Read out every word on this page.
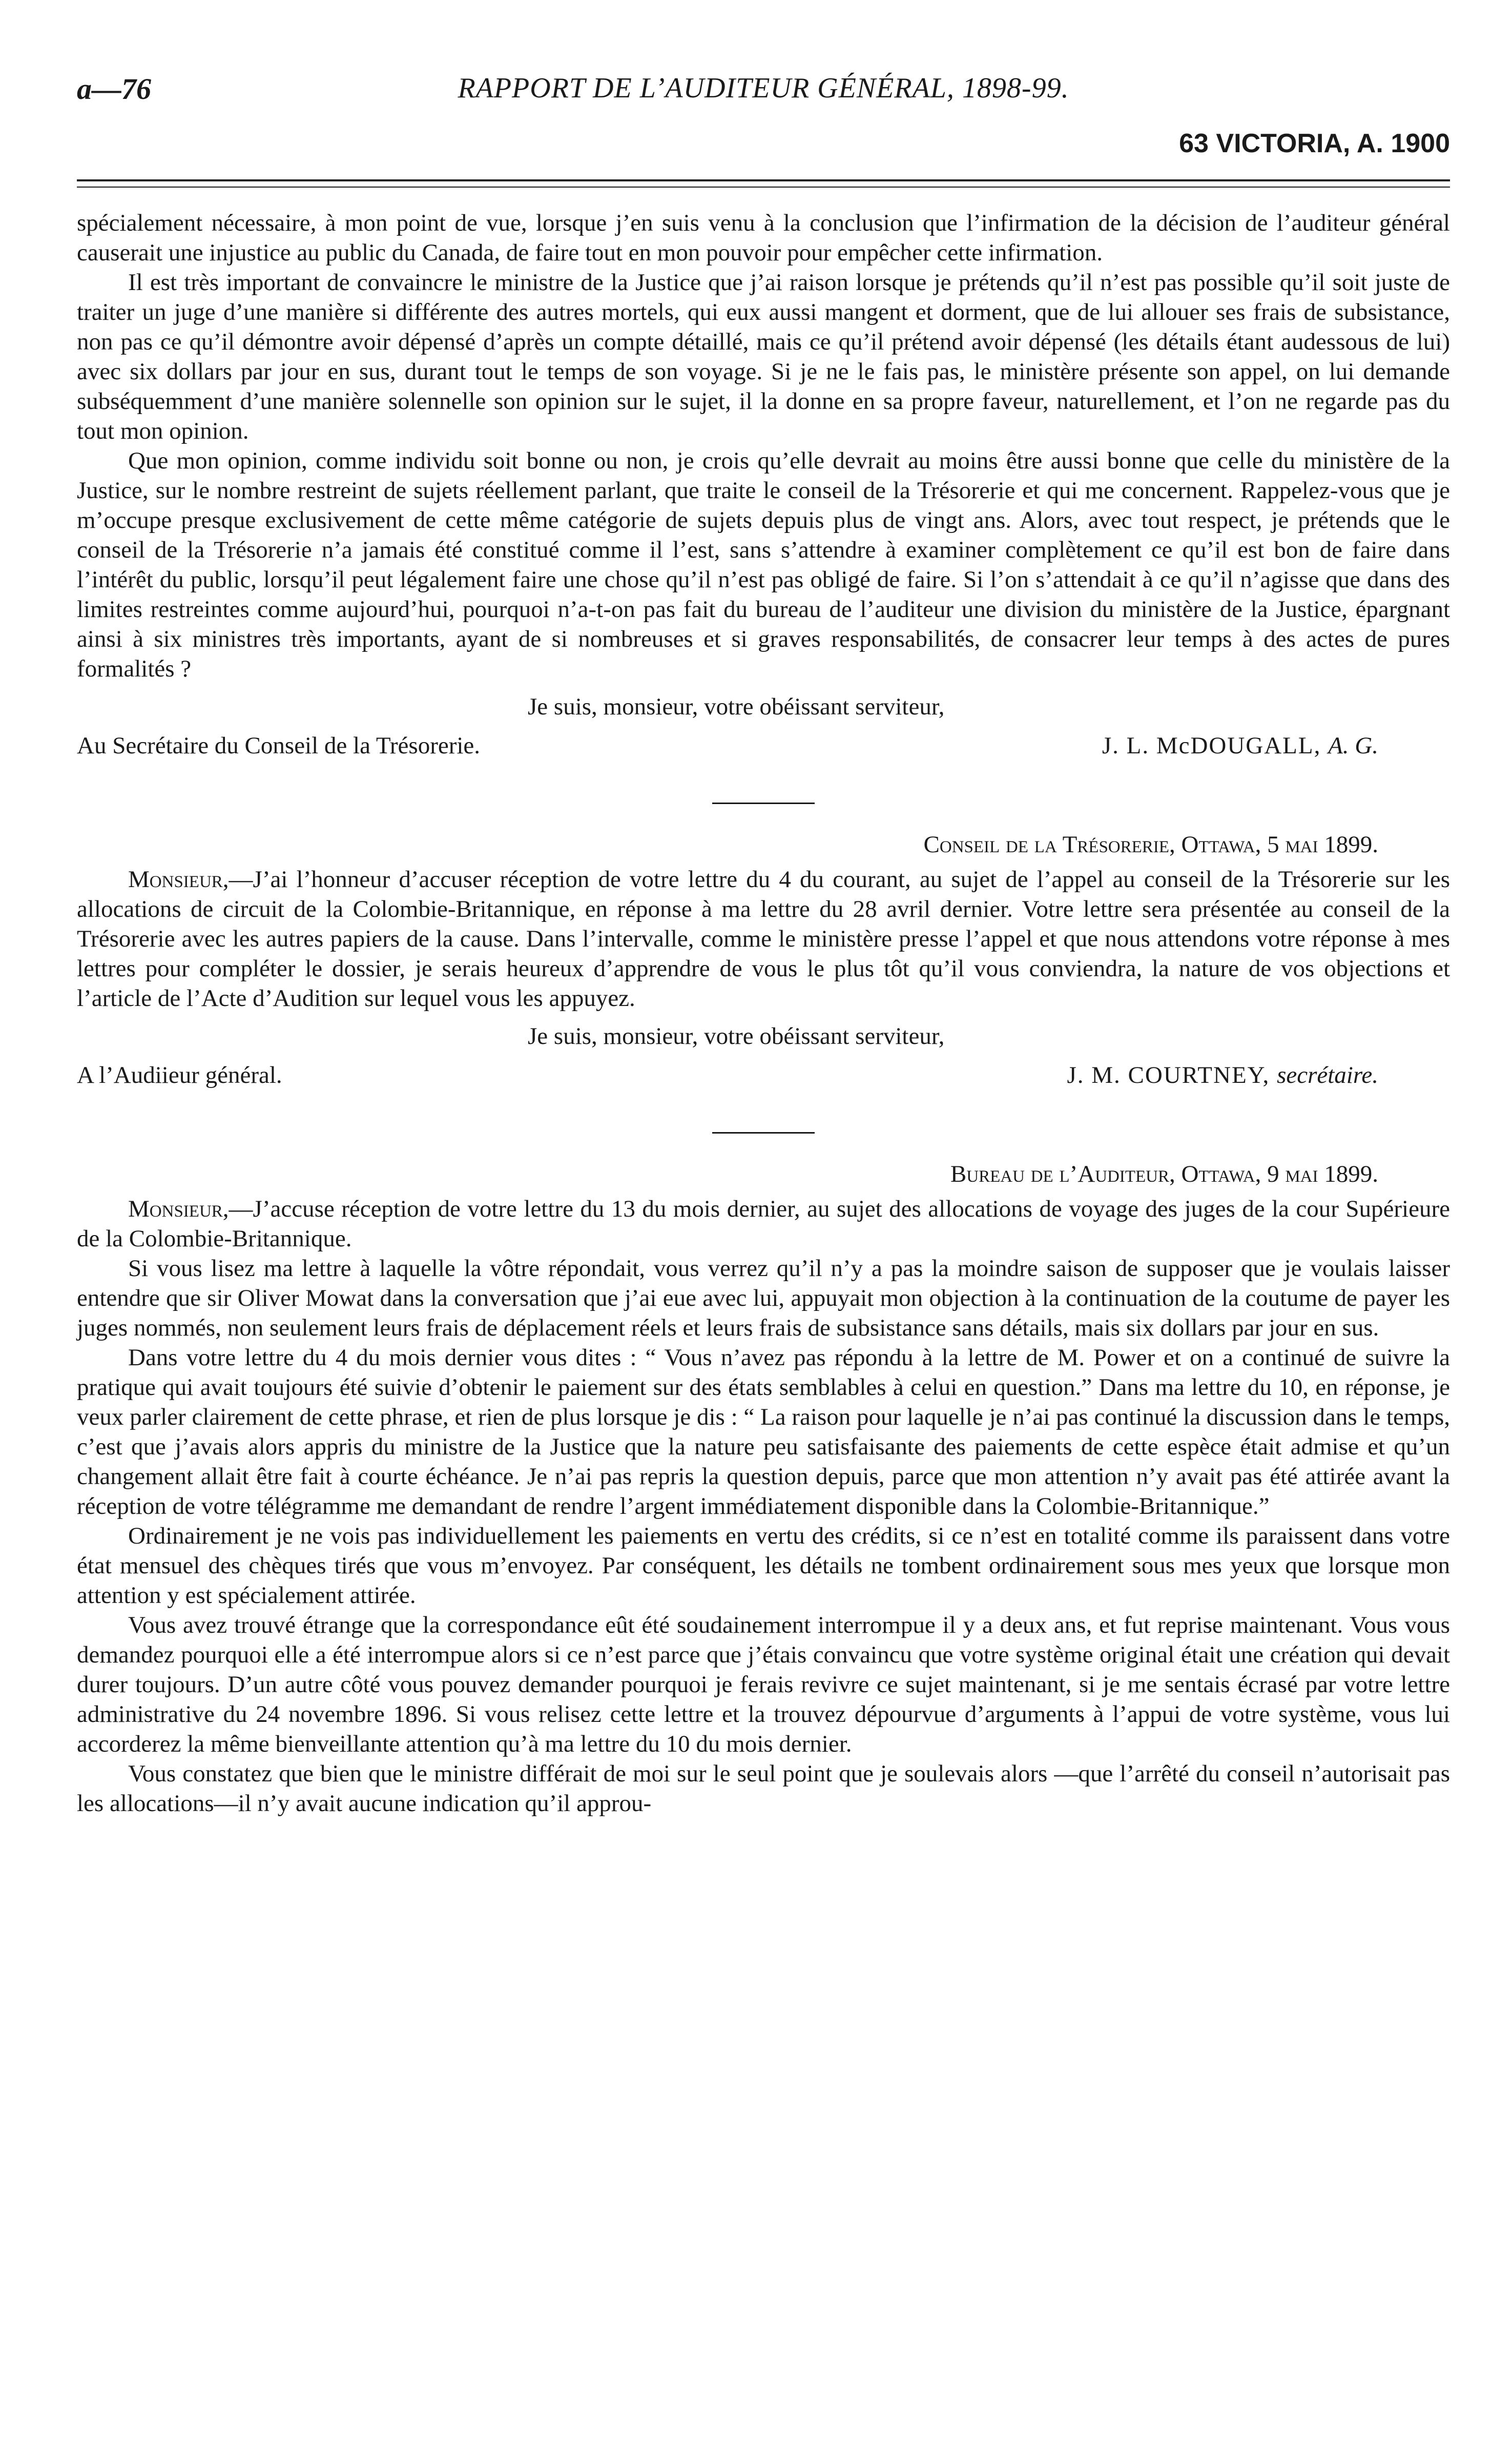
a—76	RAPPORT DE L’AUDITEUR GÉNÉRAL, 1898-99.
63 VICTORIA, A. 1900

spécialement nécessaire, à mon point de vue, lorsque j’en suis venu à la conclusion que l’infirmation de la décision de l’auditeur général causerait une injustice au public du Canada, de faire tout en mon pouvoir pour empêcher cette infirmation.

Il est très important de convaincre le ministre de la Justice que j’ai raison lorsque je prétends qu’il n’est pas possible qu’il soit juste de traiter un juge d’une manière si différente des autres mortels, qui eux aussi mangent et dorment, que de lui allouer ses frais de subsistance, non pas ce qu’il démontre avoir dépensé d’après un compte détaillé, mais ce qu’il prétend avoir dépensé (les détails étant audessous de lui) avec six dollars par jour en sus, durant tout le temps de son voyage. Si je ne le fais pas, le ministère présente son appel, on lui demande subséquemment d’une manière solennelle son opinion sur le sujet, il la donne en sa propre faveur, naturellement, et l’on ne regarde pas du tout mon opinion.

Que mon opinion, comme individu soit bonne ou non, je crois qu’elle devrait au moins être aussi bonne que celle du ministère de la Justice, sur le nombre restreint de sujets réellement parlant, que traite le conseil de la Trésorerie et qui me concernent. Rappelez-vous que je m’occupe presque exclusivement de cette même catégorie de sujets depuis plus de vingt ans. Alors, avec tout respect, je prétends que le conseil de la Trésorerie n’a jamais été constitué comme il l’est, sans s’attendre à examiner complètement ce qu’il est bon de faire dans l’intérêt du public, lorsqu’il peut légalement faire une chose qu’il n’est pas obligé de faire. Si l’on s’attendait à ce qu’il n’agisse que dans des limites restreintes comme aujourd’hui, pourquoi n’a-t-on pas fait du bureau de l’auditeur une division du ministère de la Justice, épargnant ainsi à six ministres très importants, ayant de si nombreuses et si graves responsabilités, de consacrer leur temps à des actes de pures formalités ?

Je suis, monsieur, votre obéissant serviteur,

Au Secrétaire du Conseil de la Trésorerie.	J. L. McDOUGALL, A. G.
Conseil de la Trésorerie, Ottawa, 5 mai 1899.

Monsieur,—J’ai l’honneur d’accuser réception de votre lettre du 4 du courant, au sujet de l’appel au conseil de la Trésorerie sur les allocations de circuit de la Colombie-Britannique, en réponse à ma lettre du 28 avril dernier. Votre lettre sera présentée au conseil de la Trésorerie avec les autres papiers de la cause. Dans l’intervalle, comme le ministère presse l’appel et que nous attendons votre réponse à mes lettres pour compléter le dossier, je serais heureux d’apprendre de vous le plus tôt qu’il vous conviendra, la nature de vos objections et l’article de l’Acte d’Audition sur lequel vous les appuyez.

Je suis, monsieur, votre obéissant serviteur,

A l’Audiieur général.	J. M. COURTNEY, secrétaire.
Bureau de l’Auditeur, Ottawa, 9 mai 1899.

Monsieur,—J’accuse réception de votre lettre du 13 du mois dernier, au sujet des allocations de voyage des juges de la cour Supérieure de la Colombie-Britannique.

Si vous lisez ma lettre à laquelle la vôtre répondait, vous verrez qu’il n’y a pas la moindre saison de supposer que je voulais laisser entendre que sir Oliver Mowat dans la conversation que j’ai eue avec lui, appuyait mon objection à la continuation de la coutume de payer les juges nommés, non seulement leurs frais de déplacement réels et leurs frais de subsistance sans détails, mais six dollars par jour en sus.

Dans votre lettre du 4 du mois dernier vous dites : “ Vous n’avez pas répondu à la lettre de M. Power et on a continué de suivre la pratique qui avait toujours été suivie d’obtenir le paiement sur des états semblables à celui en question.” Dans ma lettre du 10, en réponse, je veux parler clairement de cette phrase, et rien de plus lorsque je dis : “ La raison pour laquelle je n’ai pas continué la discussion dans le temps, c’est que j’avais alors appris du ministre de la Justice que la nature peu satisfaisante des paiements de cette espèce était admise et qu’un changement allait être fait à courte échéance. Je n’ai pas repris la question depuis, parce que mon attention n’y avait pas été attirée avant la réception de votre télégramme me demandant de rendre l’argent immédiatement disponible dans la Colombie-Britannique.”

Ordinairement je ne vois pas individuellement les paiements en vertu des crédits, si ce n’est en totalité comme ils paraissent dans votre état mensuel des chèques tirés que vous m’envoyez. Par conséquent, les détails ne tombent ordinairement sous mes yeux que lorsque mon attention y est spécialement attirée.

Vous avez trouvé étrange que la correspondance eût été soudainement interrompue il y a deux ans, et fut reprise maintenant. Vous vous demandez pourquoi elle a été interrompue alors si ce n’est parce que j’étais convaincu que votre système original était une création qui devait durer toujours. D’un autre côté vous pouvez demander pourquoi je ferais revivre ce sujet maintenant, si je me sentais écrasé par votre lettre administrative du 24 novembre 1896. Si vous relisez cette lettre et la trouvez dépourvue d’arguments à l’appui de votre système, vous lui accorderez la même bienveillante attention qu’à ma lettre du 10 du mois dernier.

Vous constatez que bien que le ministre différait de moi sur le seul point que je soulevais alors —que l’arrêté du conseil n’autorisait pas les allocations—il n’y avait aucune indication qu’il approu-
